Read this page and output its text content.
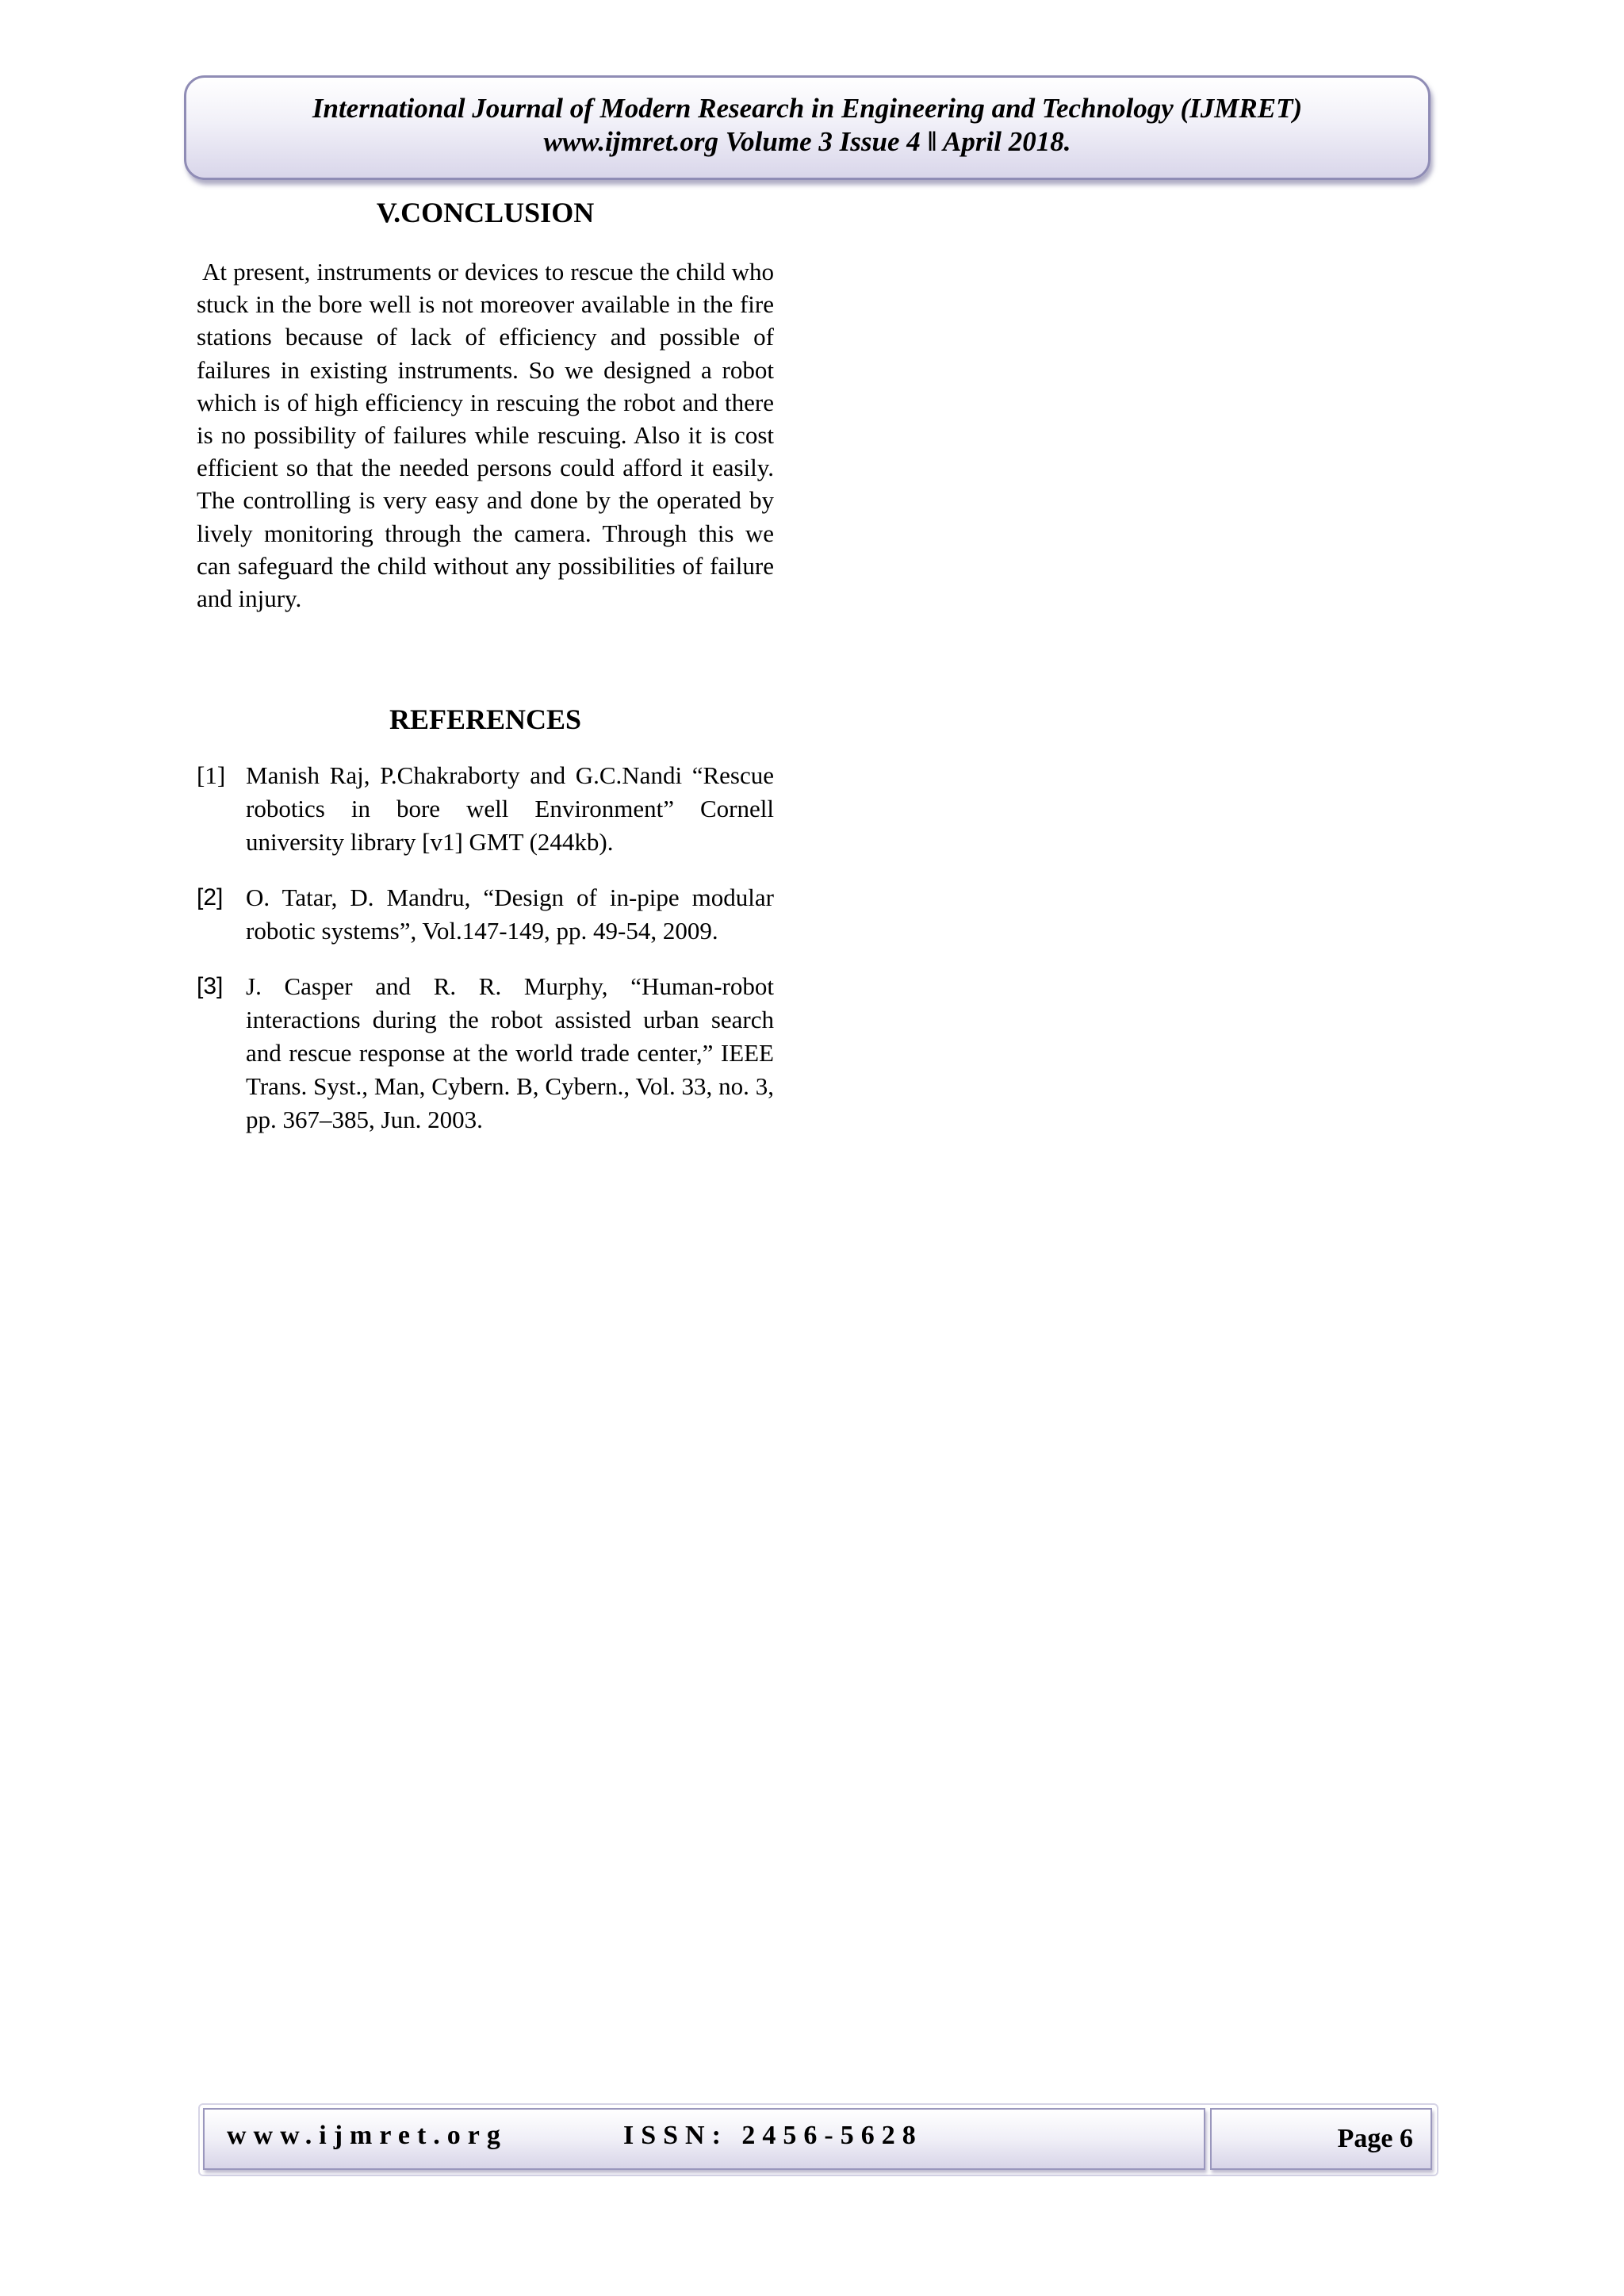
International Journal of Modern Research in Engineering and Technology (IJMRET)
www.ijmret.org Volume 3 Issue 4 ǁ April 2018.
V.CONCLUSION

At present, instruments or devices to rescue the child who stuck in the bore well is not moreover available in the fire stations because of lack of efficiency and possible of failures in existing instruments. So we designed a robot which is of high efficiency in rescuing the robot and there is no possibility of failures while rescuing. Also it is cost efficient so that the needed persons could afford it easily. The controlling is very easy and done by the operated by lively monitoring through the camera. Through this we can safeguard the child without any possibilities of failure and injury.

REFERENCES
[1] Manish Raj, P.Chakraborty and G.C.Nandi “Rescue robotics in bore well Environment” Cornell university library [v1] GMT (244kb).
[2] O. Tatar, D. Mandru, “Design of in-pipe modular robotic systems”, Vol.147-149, pp. 49-54, 2009.
[3] J. Casper and R. R. Murphy, “Human-robot interactions during the robot assisted urban search and rescue response at the world trade center,” IEEE Trans. Syst., Man, Cybern. B, Cybern., Vol. 33, no. 3, pp. 367–385, Jun. 2003.
www.ijmret.org	ISSN: 2456-5628	Page 6
